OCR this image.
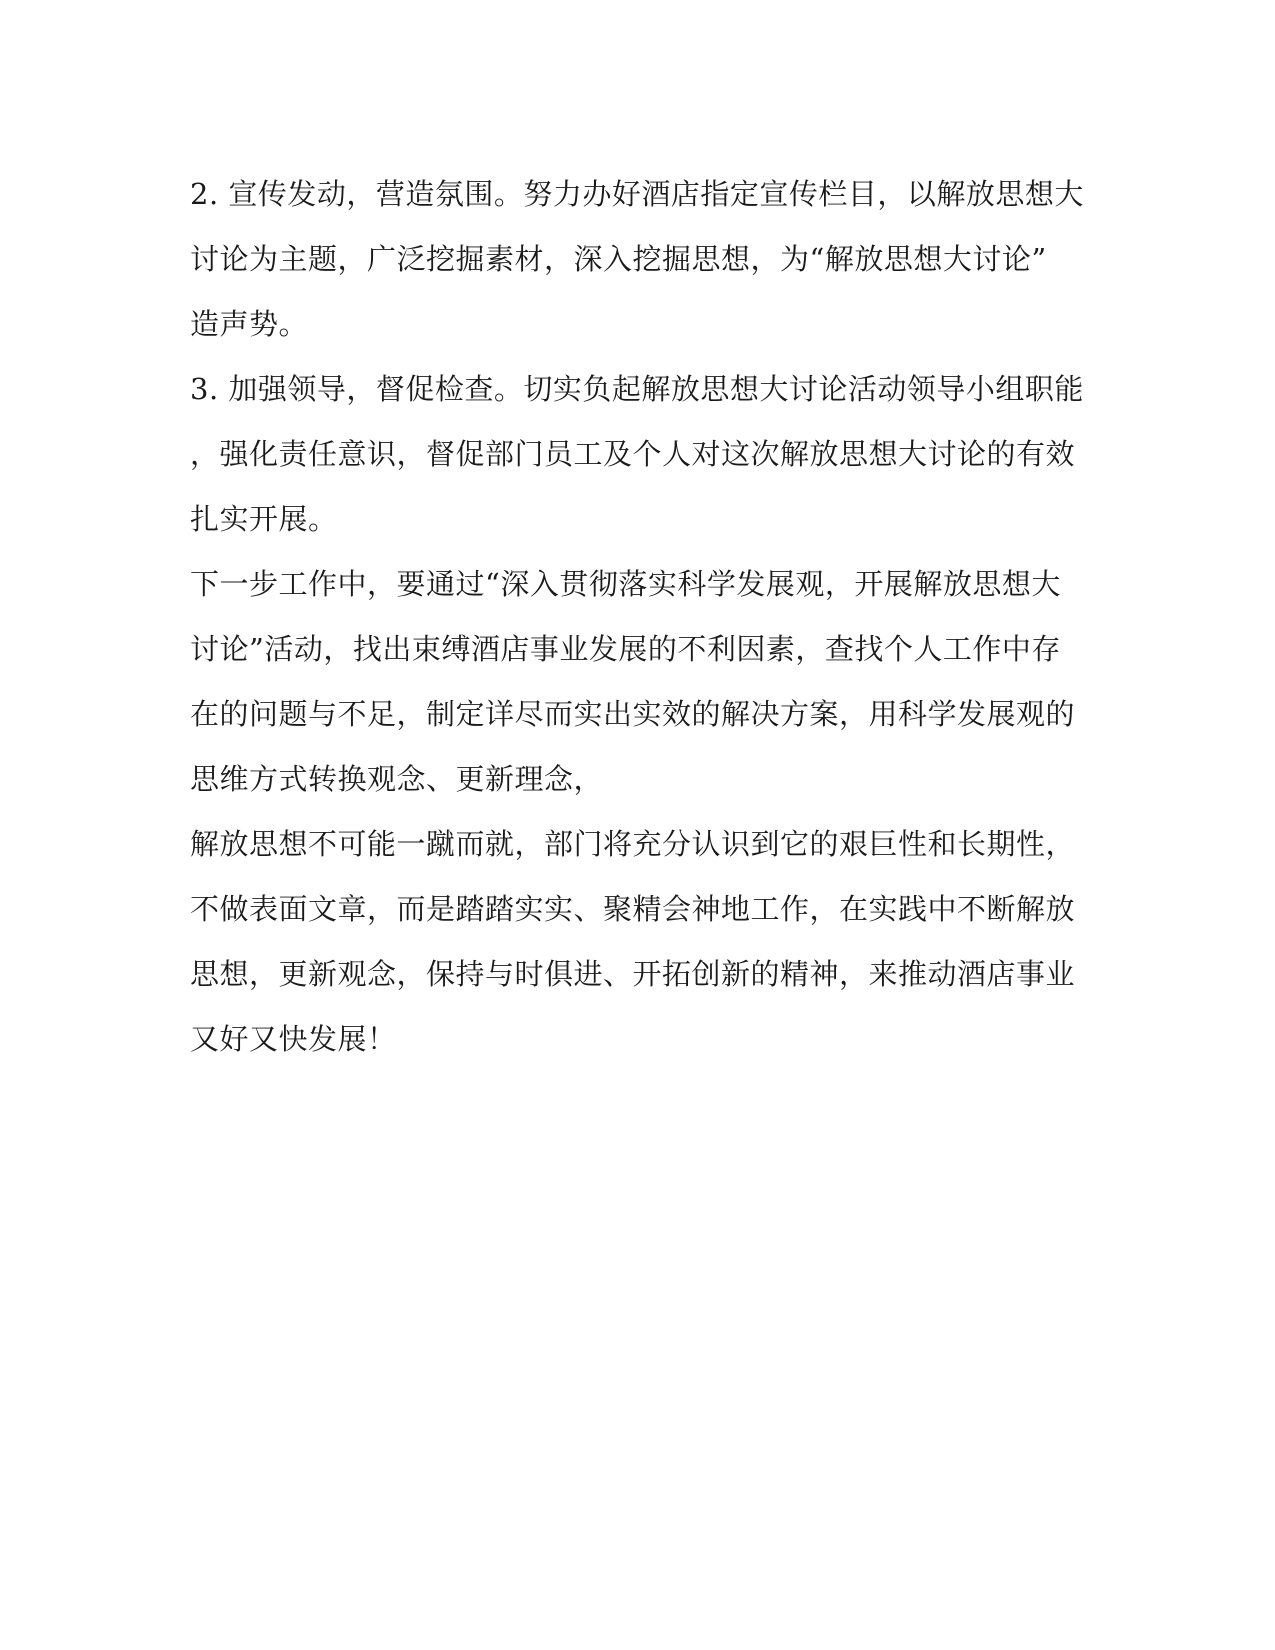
2. 宣传发动，营造氛围。努力办好酒店指定宣传栏目，以解放思想大
讨论为主题，广泛挖掘素材，深入挖掘思想，为“解放思想大讨论”
造声势。
3. 加强领导，督促检查。切实负起解放思想大讨论活动领导小组职能
，强化责任意识，督促部门员工及个人对这次解放思想大讨论的有效
扎实开展。
下一步工作中，要通过“深入贯彻落实科学发展观，开展解放思想大
讨论”活动，找出束缚酒店事业发展的不利因素，查找个人工作中存
在的问题与不足，制定详尽而实出实效的解决方案，用科学发展观的
思维方式转换观念、更新理念，
解放思想不可能一蹴而就，部门将充分认识到它的艰巨性和长期性，
不做表面文章，而是踏踏实实、聚精会神地工作，在实践中不断解放
思想，更新观念，保持与时俱进、开拓创新的精神，来推动酒店事业
又好又快发展！
